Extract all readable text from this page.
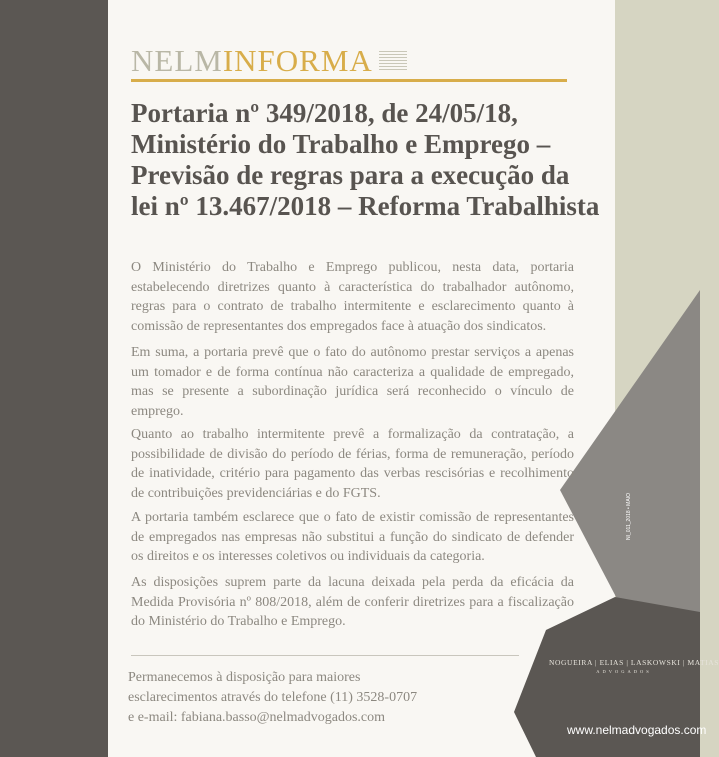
NELM INFORMA
Portaria nº 349/2018, de 24/05/18, Ministério do Trabalho e Emprego – Previsão de regras para a execução da lei nº 13.467/2018 – Reforma Trabalhista

O Ministério do Trabalho e Emprego publicou, nesta data, portaria estabelecendo diretrizes quanto à característica do trabalhador autônomo, regras para o contrato de trabalho intermitente e esclarecimento quanto à comissão de representantes dos empregados face à atuação dos sindicatos.

Em suma, a portaria prevê que o fato do autônomo prestar serviços a apenas um tomador e de forma contínua não caracteriza a qualidade de empregado, mas se presente a subordinação jurídica será reconhecido o vínculo de emprego.

Quanto ao trabalho intermitente prevê a formalização da contratação, a possibilidade de divisão do período de férias, forma de remuneração, período de inatividade, critério para pagamento das verbas rescisórias e recolhimento de contribuições previdenciárias e do FGTS.

A portaria também esclarece que o fato de existir comissão de representantes de empregados nas empresas não substitui a função do sindicato de defender os direitos e os interesses coletivos ou individuais da categoria.

As disposições suprem parte da lacuna deixada pela perda da eficácia da Medida Provisória nº 808/2018, além de conferir diretrizes para a fiscalização do Ministério do Trabalho e Emprego.

Permanecemos à disposição para maiores
esclarecimentos através do telefone (11) 3528-0707
e e-mail: fabiana.basso@nelmadvogados.com
NOGUEIRA | ELIAS | LASKOWSKI | MATIAS
ADVOGADOS
www.nelmadvogados.com
NI_011_2018 • MAIO
